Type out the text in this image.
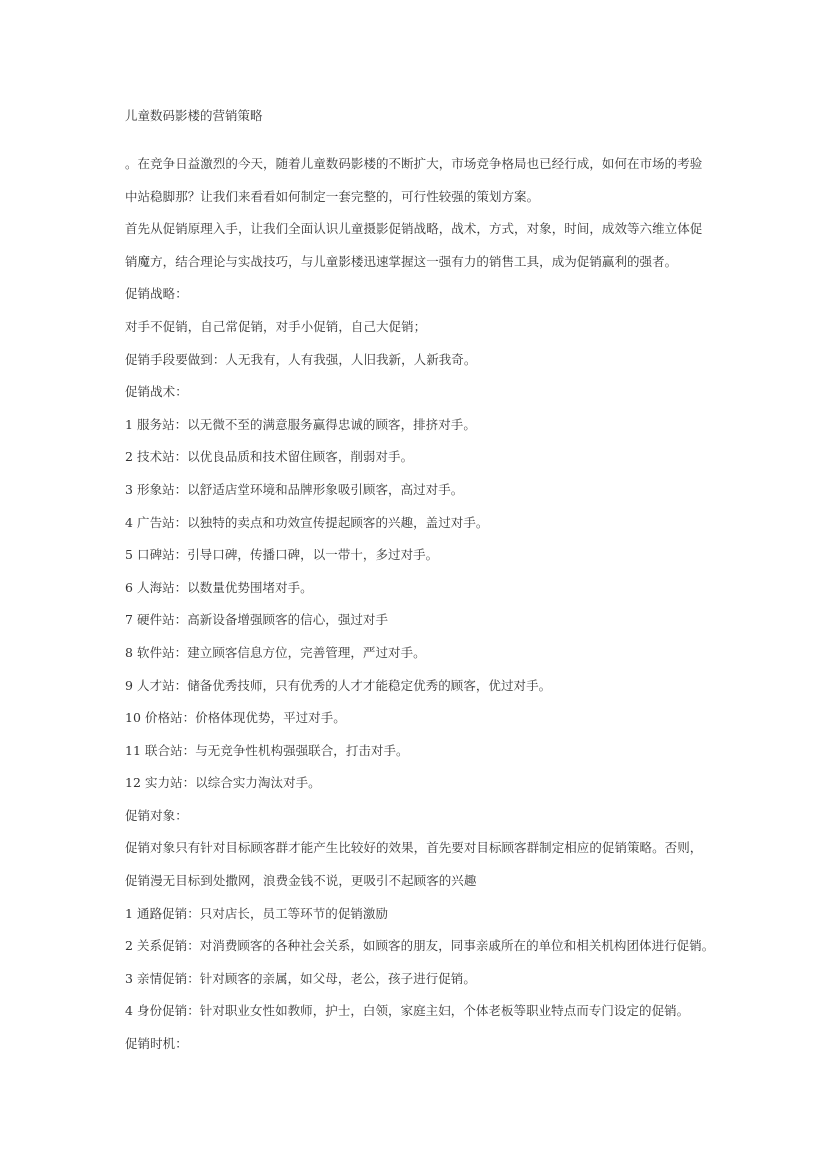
儿童数码影楼的营销策略
。在竞争日益激烈的今天，随着儿童数码影楼的不断扩大，市场竞争格局也已经行成，如何在市场的考验
中站稳脚那？让我们来看看如何制定一套完整的，可行性较强的策划方案。
首先从促销原理入手，让我们全面认识儿童摄影促销战略，战术，方式，对象，时间，成效等六维立体促
销魔方，结合理论与实战技巧，与儿童影楼迅速掌握这一强有力的销售工具，成为促销赢利的强者。
促销战略：
对手不促销，自己常促销，对手小促销，自己大促销；
促销手段要做到：人无我有，人有我强，人旧我新，人新我奇。
促销战术：
1 服务站：以无微不至的满意服务赢得忠诚的顾客，排挤对手。
2 技术站：以优良品质和技术留住顾客，削弱对手。
3 形象站：以舒适店堂环境和品牌形象吸引顾客，高过对手。
4 广告站：以独特的卖点和功效宣传提起顾客的兴趣，盖过对手。
5 口碑站：引导口碑，传播口碑，以一带十，多过对手。
6 人海站：以数量优势围堵对手。
7 硬件站：高新设备增强顾客的信心，强过对手
8 软件站：建立顾客信息方位，完善管理，严过对手。
9 人才站：储备优秀技师，只有优秀的人才才能稳定优秀的顾客，优过对手。
10 价格站：价格体现优势，平过对手。
11 联合站：与无竞争性机构强强联合，打击对手。
12 实力站：以综合实力淘汰对手。
促销对象：
促销对象只有针对目标顾客群才能产生比较好的效果，首先要对目标顾客群制定相应的促销策略。否则，
促销漫无目标到处撒网，浪费金钱不说，更吸引不起顾客的兴趣
1 通路促销：只对店长，员工等环节的促销激励
2 关系促销：对消费顾客的各种社会关系，如顾客的朋友，同事亲戚所在的单位和相关机构团体进行促销。
3 亲情促销：针对顾客的亲属，如父母，老公，孩子进行促销。
4 身份促销：针对职业女性如教师，护士，白领，家庭主妇，个体老板等职业特点而专门设定的促销。
促销时机：
